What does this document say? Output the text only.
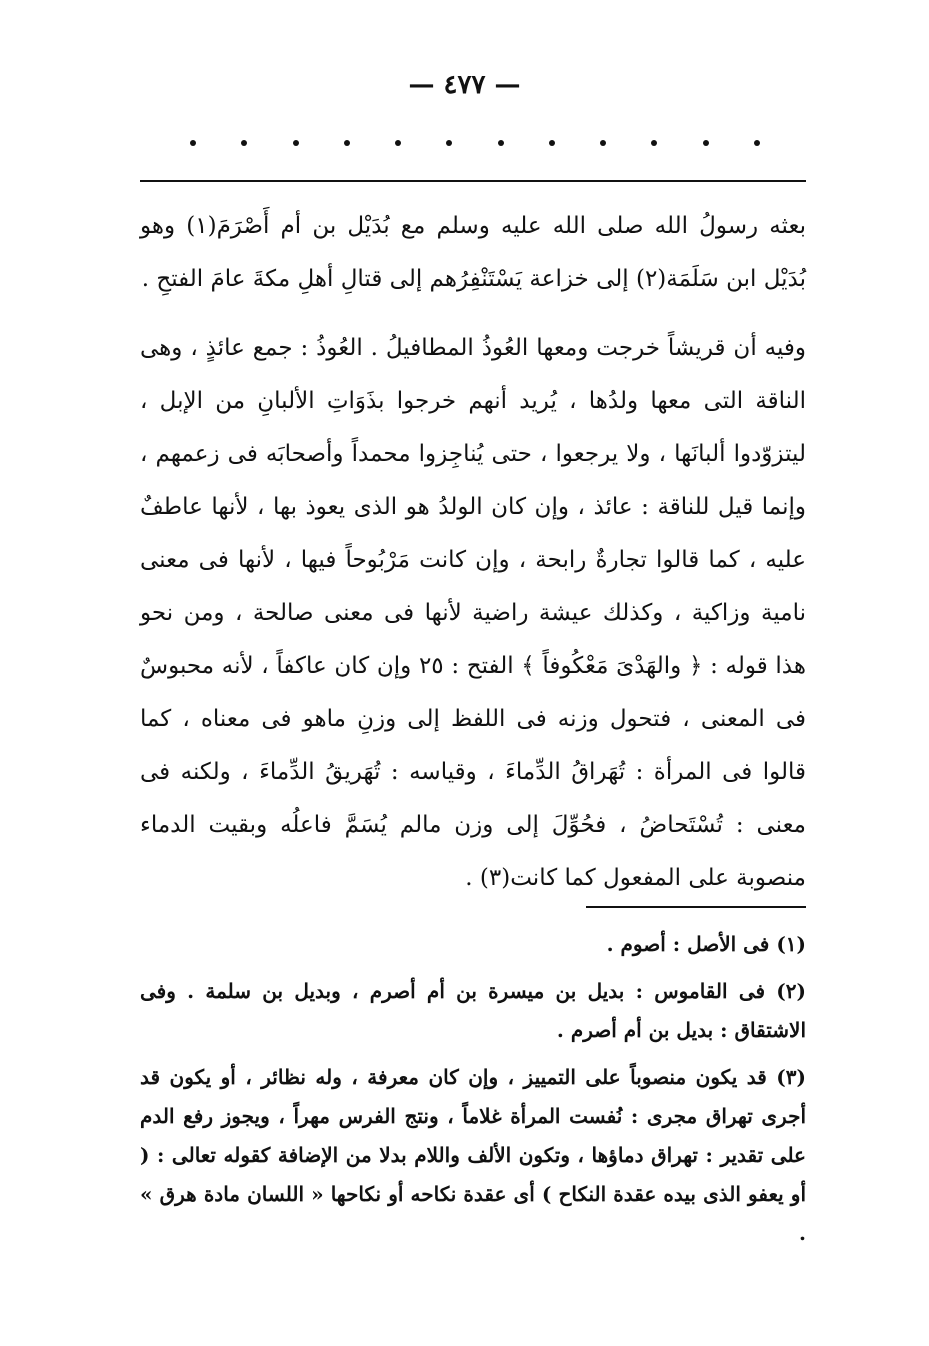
— ٤٧٧ —

بعثه رسولُ الله صلى الله عليه وسلم مع بُدَيْل بن أم أَصْرَمَ(١) وهو بُدَيْل ابن سَلَمَة(٢) إلى خزاعة يَسْتَنْفِرُهم إلى قتالِ أهلِ مكةَ عامَ الفتحِ .

وفيه أن قريشاً خرجت ومعها العُوذُ المطافيلُ . العُوذُ : جمع عائذٍ ، وهى الناقة التى معها ولدُها ، يُريد أنهم خرجوا بذَوَاتِ الألبانِ من الإبل ، ليتزوّدوا ألبانَها ، ولا يرجعوا ، حتى يُناجِزوا محمداً وأصحابَه فى زعمهم ، وإنما قيل للناقة : عائذ ، وإن كان الولدُ هو الذى يعوذ بها ، لأنها عاطفٌ عليه ، كما قالوا تجارةٌ رابحة ، وإن كانت مَرْبُوحاً فيها ، لأنها فى معنى نامية وزاكية ، وكذلك عيشة راضية لأنها فى معنى صالحة ، ومن نحو هذا قوله : ﴿ والهَدْىَ مَعْكُوفاً ﴾ الفتح : ٢٥ وإن كان عاكفاً ، لأنه محبوسٌ فى المعنى ، فتحول وزنه فى اللفظ إلى وزنِ ماهو فى معناه ، كما قالوا فى المرأة : تُهَراقُ الدِّماءَ ، وقياسه : تُهَريقُ الدِّماءَ ، ولكنه فى معنى : تُسْتَحاضُ ، فحُوِّلَ إلى وزن مالم يُسَمَّ فاعلُه وبقيت الدماء منصوبة على المفعول كما كانت(٣) .

(١) فى الأصل : أصوم .

(٢) فى القاموس : بديل بن ميسرة بن أم أصرم ، وبديل بن سلمة . وفى الاشتقاق : بديل بن أم أصرم .

(٣) قد يكون منصوباً على التمييز ، وإن كان معرفة ، وله نظائر ، أو يكون قد أجرى تهراق مجرى : نُفست المرأة غلاماً ، ونتج الفرس مهراً ، ويجوز رفع الدم على تقدير : تهراق دماؤها ، وتكون الألف واللام بدلا من الإضافة كقوله تعالى : ( أو يعفو الذى بيده عقدة النكاح ) أى عقدة نكاحه أو نكاحها « اللسان مادة هرق » .
